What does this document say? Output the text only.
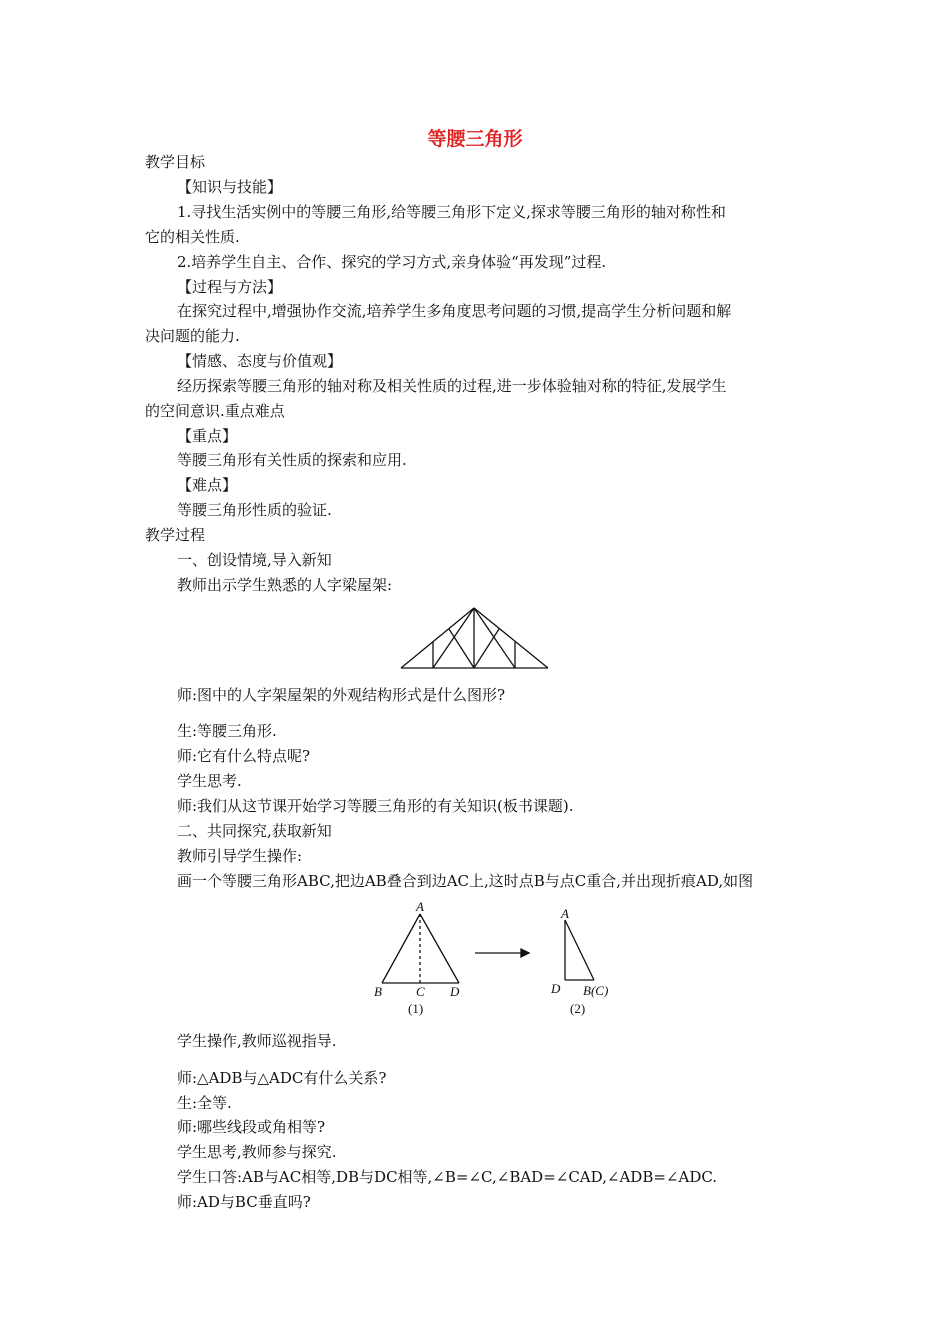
等腰三角形
教学目标
【知识与技能】
1.寻找生活实例中的等腰三角形,给等腰三角形下定义,探求等腰三角形的轴对称性和
它的相关性质.
2.培养学生自主、合作、探究的学习方式,亲身体验“再发现”过程.
【过程与方法】
在探究过程中,增强协作交流,培养学生多角度思考问题的习惯,提高学生分析问题和解
决问题的能力.
【情感、态度与价值观】
经历探索等腰三角形的轴对称及相关性质的过程,进一步体验轴对称的特征,发展学生
的空间意识.重点难点
【重点】
等腰三角形有关性质的探索和应用.
【难点】
等腰三角形性质的验证.
教学过程
一、创设情境,导入新知
教师出示学生熟悉的人字梁屋架:
师:图中的人字架屋架的外观结构形式是什么图形?
生:等腰三角形.
师:它有什么特点呢?
学生思考.
师:我们从这节课开始学习等腰三角形的有关知识(板书课题).
二、共同探究,获取新知
教师引导学生操作:
画一个等腰三角形ABC,把边AB叠合到边AC上,这时点B与点C重合,并出现折痕AD,如图
A
B	C D
(1)
A
D B(C)
(2)
学生操作,教师巡视指导.
师:△ADB与△ADC有什么关系?
生:全等.
师:哪些线段或角相等?
学生思考,教师参与探究.
学生口答:AB与AC相等,DB与DC相等,∠B=∠C,∠BAD=∠CAD,∠ADB=∠ADC.
师:AD与BC垂直吗?
